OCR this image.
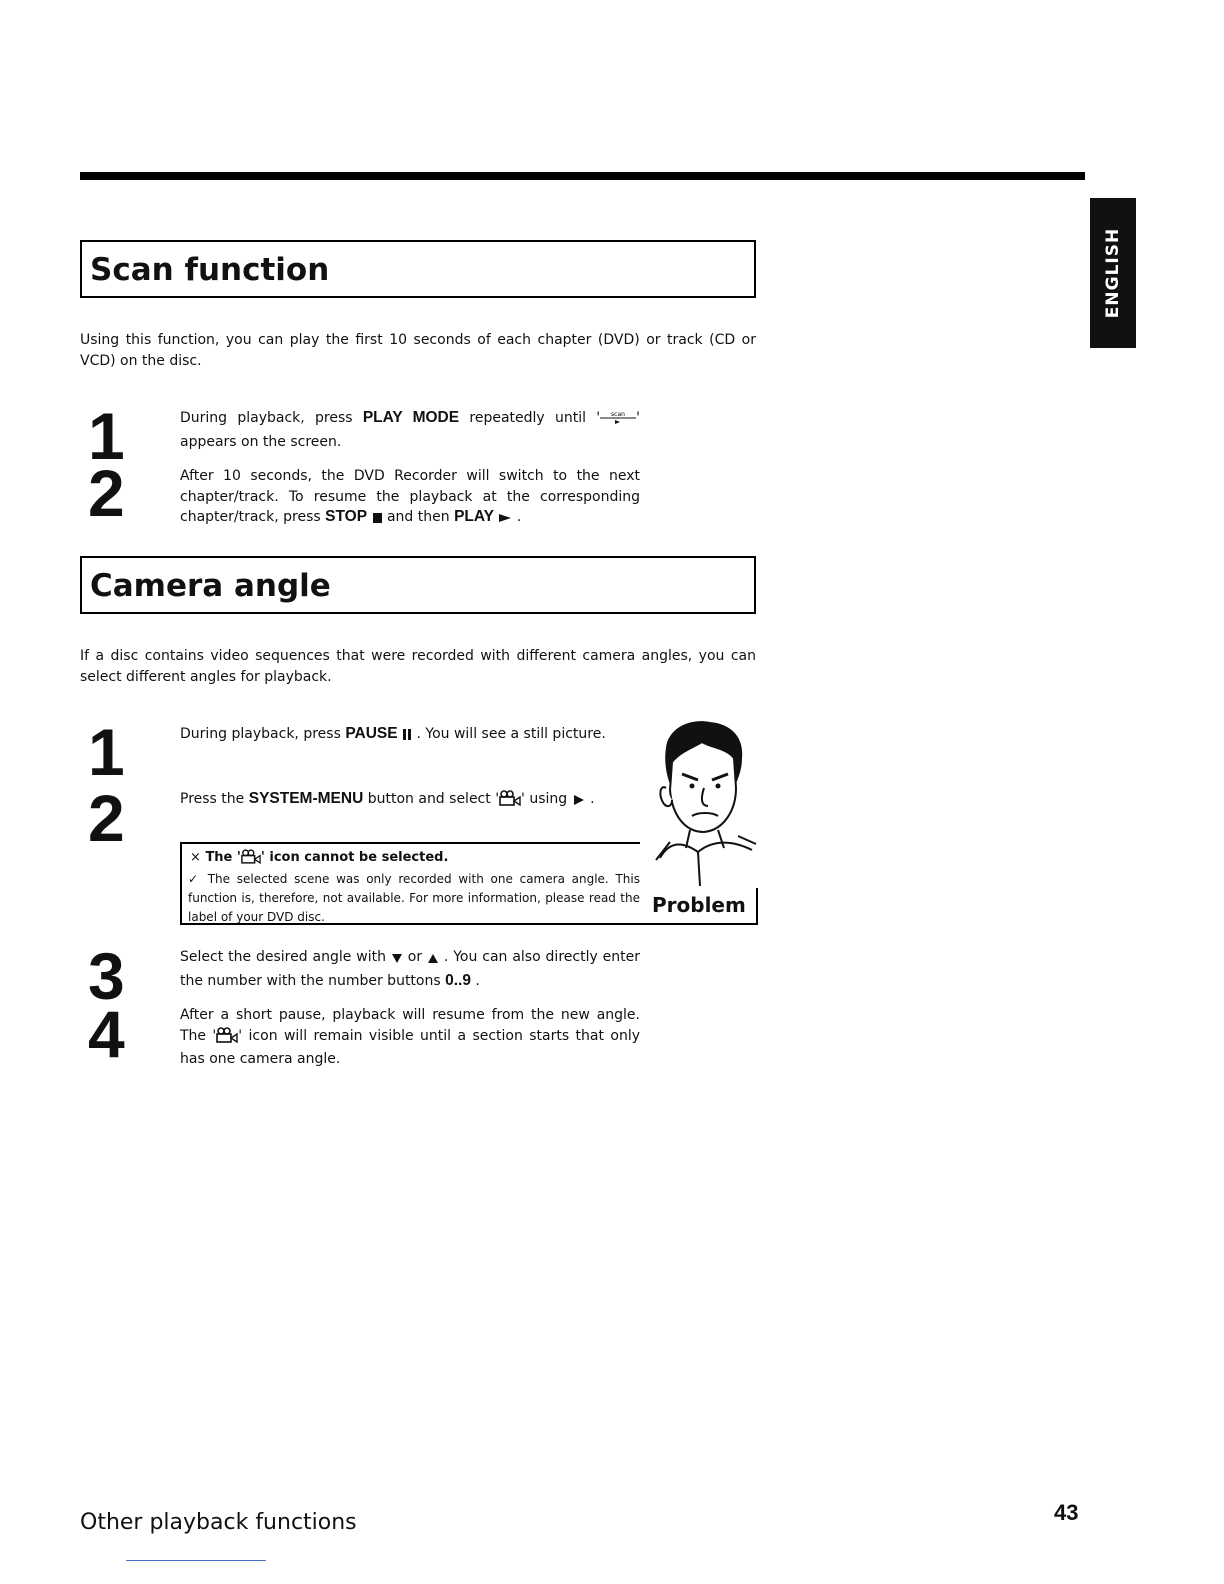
ENGLISH
Scan function
Using this function, you can play the first 10 seconds of each chapter (DVD) or track (CD or VCD) on the disc.
1
2
During playback, press PLAY MODE repeatedly until ' scan ' appears on the screen.
After 10 seconds, the DVD Recorder will switch to the next chapter/track. To resume the playback at the corresponding chapter/track, press STOP  and then PLAY  .
Camera angle
If a disc contains video sequences that were recorded with different camera angles, you can select different angles for playback.
1
2
During playback, press PAUSE  . You will see a still picture.
Press the SYSTEM-MENU button and select ' ' using  .
× The ' ' icon cannot be selected.
✓ The selected scene was only recorded with one camera angle. This function is, therefore, not available. For more information, please read the label of your DVD disc.	Problem
3
4
Select the desired angle with  or  . You can also directly enter the number with the number buttons 0..9 .
After a short pause, playback will resume from the new angle. The ' ' icon will remain visible until a section starts that only has one camera angle.
Other playback functions	43
